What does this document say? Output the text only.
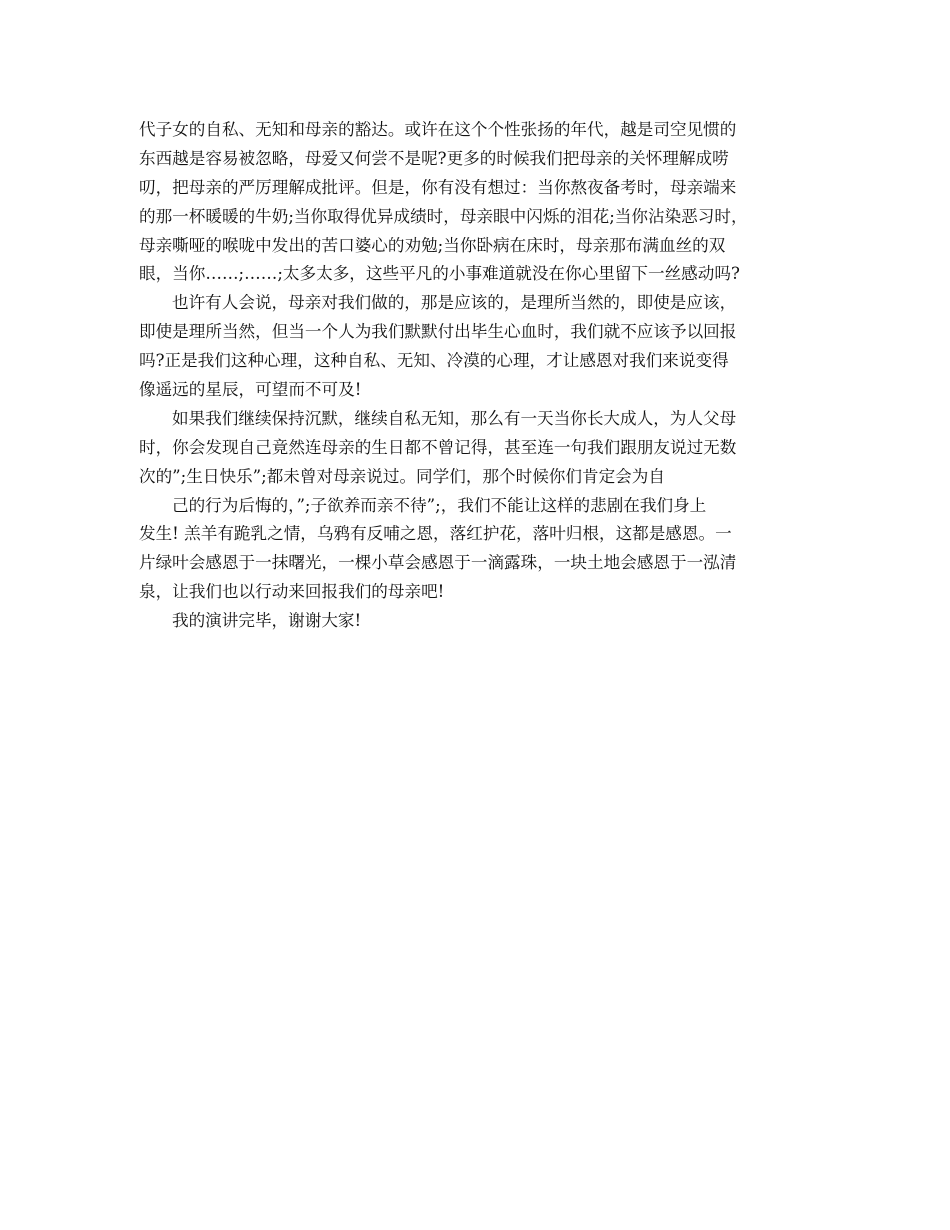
代子女的自私、无知和母亲的豁达。或许在这个个性张扬的年代，越是司空见惯的
东西越是容易被忽略，母爱又何尝不是呢?更多的时候我们把母亲的关怀理解成唠
叨，把母亲的严厉理解成批评。但是，你有没有想过：当你熬夜备考时，母亲端来
的那一杯暖暖的牛奶;当你取得优异成绩时，母亲眼中闪烁的泪花;当你沾染恶习时，
母亲嘶哑的喉咙中发出的苦口婆心的劝勉;当你卧病在床时，母亲那布满血丝的双
眼，当你……;……;太多太多，这些平凡的小事难道就没在你心里留下一丝感动吗?
也许有人会说，母亲对我们做的，那是应该的，是理所当然的，即使是应该，
即使是理所当然，但当一个人为我们默默付出毕生心血时，我们就不应该予以回报
吗?正是我们这种心理，这种自私、无知、冷漠的心理，才让感恩对我们来说变得
像遥远的星辰，可望而不可及!
如果我们继续保持沉默，继续自私无知，那么有一天当你长大成人，为人父母
时，你会发现自己竟然连母亲的生日都不曾记得，甚至连一句我们跟朋友说过无数
次的”;生日快乐”;都未曾对母亲说过。同学们，那个时候你们肯定会为自
己的行为后悔的，”;子欲养而亲不待”;，我们不能让这样的悲剧在我们身上
发生! 羔羊有跪乳之情，乌鸦有反哺之恩，落红护花，落叶归根，这都是感恩。一
片绿叶会感恩于一抹曙光，一棵小草会感恩于一滴露珠，一块土地会感恩于一泓清
泉，让我们也以行动来回报我们的母亲吧!
我的演讲完毕，谢谢大家!
